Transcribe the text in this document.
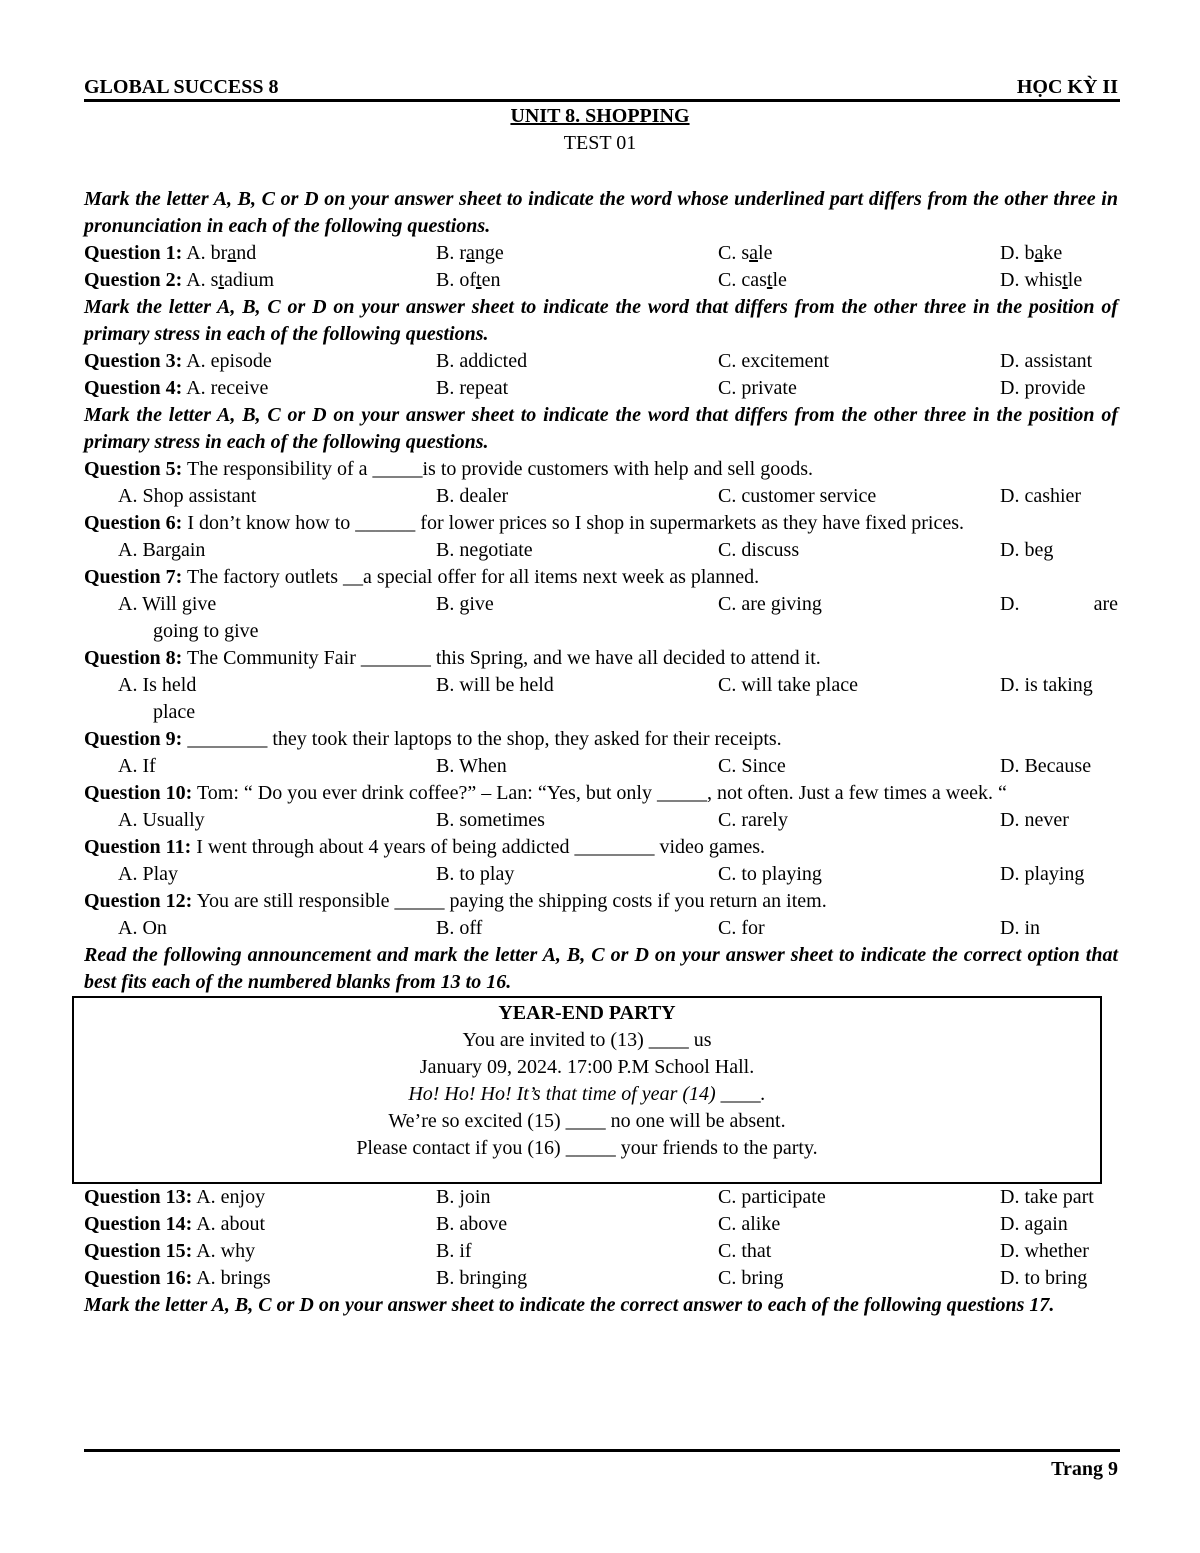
GLOBAL SUCCESS 8	HỌC KỲ II
UNIT 8. SHOPPING
TEST 01
Mark the letter A, B, C or D on your answer sheet to indicate the word whose underlined part differs from the other three in pronunciation in each of the following questions.
Question 1: A. brand	B. range	C. sale	D. bake
Question 2: A. stadium	B. often	C. castle	D. whistle
Mark the letter A, B, C or D on your answer sheet to indicate the word that differs from the other three in the position of primary stress in each of the following questions.
Question 3: A. episode	B. addicted	C. excitement	D. assistant
Question 4: A. receive	B. repeat	C. private	D. provide
Mark the letter A, B, C or D on your answer sheet to indicate the word that differs from the other three in the position of primary stress in each of the following questions.
Question 5: The responsibility of a _____is to provide customers with help and sell goods.
A. Shop assistant	B. dealer	C. customer service	D. cashier
Question 6: I don’t know how to ______ for lower prices so I shop in supermarkets as they have fixed prices.
A. Bargain	B. negotiate	C. discuss	D. beg
Question 7: The factory outlets __a special offer for all items next week as planned.
A. Will give	B. give	C. are giving	D.	are
going to give
Question 8: The Community Fair _______ this Spring, and we have all decided to attend it.
A. Is held	B. will be held	C. will take place	D. is taking
place
Question 9: ________ they took their laptops to the shop, they asked for their receipts.
A. If	B. When	C. Since	D. Because
Question 10: Tom: “ Do you ever drink coffee?” – Lan: “Yes, but only _____, not often. Just a few times a week. “
A. Usually	B. sometimes	C. rarely	D. never
Question 11: I went through about 4 years of being addicted ________ video games.
A. Play	B. to play	C. to playing	D. playing
Question 12: You are still responsible _____ paying the shipping costs if you return an item.
A. On	B. off	C. for	D. in
Read the following announcement and mark the letter A, B, C or D on your answer sheet to indicate the correct option that best fits each of the numbered blanks from 13 to 16.
YEAR-END PARTY
You are invited to (13) ____ us
January 09, 2024. 17:00 P.M School Hall.
Ho! Ho! Ho! It’s that time of year (14) ____.
We’re so excited (15) ____ no one will be absent.
Please contact if you (16) _____ your friends to the party.
Question 13: A. enjoy	B. join	C. participate	D. take part
Question 14: A. about	B. above	C. alike	D. again
Question 15: A. why	B. if	C. that	D. whether
Question 16: A. brings	B. bringing	C. bring	D. to bring
Mark the letter A, B, C or D on your answer sheet to indicate the correct answer to each of the following questions 17.
Trang 9
